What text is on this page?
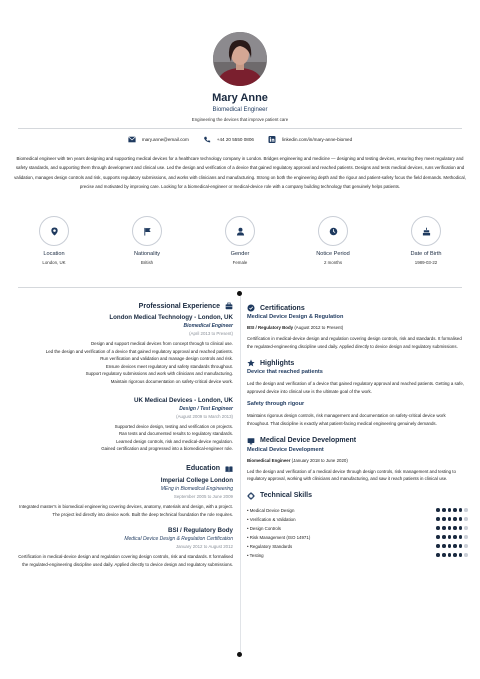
Mary Anne
Biomedical Engineer
Engineering the devices that improve patient care
mary.anne@email.com	+44 20 5550 0806	linkedin.com/in/mary-anne-biomed
Biomedical engineer with ten years designing and supporting medical devices for a healthcare technology company in London. Bridges engineering and medicine — designing and testing devices, ensuring they meet regulatory and safety standards, and supporting them through development and clinical use. Led the design and verification of a device that gained regulatory approval and reached patients. Designs and tests medical devices, runs verification and validation, manages design controls and risk, supports regulatory submissions, and works with clinicians and manufacturing. Strong on both the engineering depth and the rigour and patient-safety focus the field demands. Methodical, precise and motivated by improving care. Looking for a biomedical-engineer or medical-device role with a company building technology that genuinely helps patients.
Location
London, UK
Nationality
British
Gender
Female
Notice Period
2 months
Date of Birth
1989-03-22
Professional Experience
London Medical Technology - London, UK
Biomedical Engineer
(April 2013 to Present)
Design and support medical devices from concept through to clinical use.
Led the design and verification of a device that gained regulatory approval and reached patients.
Run verification and validation and manage design controls and risk.
Ensure devices meet regulatory and safety standards throughout.
Support regulatory submissions and work with clinicians and manufacturing.
Maintain rigorous documentation on safety-critical device work.
UK Medical Devices - London, UK
Design / Test Engineer
(August 2009 to March 2013)
Supported device design, testing and verification on projects.
Ran tests and documented results to regulatory standards.
Learned design controls, risk and medical-device regulation.
Gained certification and progressed into a biomedical-engineer role.
Education
Imperial College London
MEng in Biomedical Engineering
September 2005 to June 2009
Integrated master's in biomedical engineering covering devices, anatomy, materials and design, with a project. The project led directly into device work. Built the deep technical foundation the role requires.
BSI / Regulatory Body
Medical Device Design & Regulation Certification
January 2012 to August 2012
Certification in medical-device design and regulation covering design controls, risk and standards. It formalised the regulated-engineering discipline used daily. Applied directly to device design and regulatory submissions.
Certifications
Medical Device Design & Regulation
BSI / Regulatory Body (August 2012 to Present)
Certification in medical-device design and regulation covering design controls, risk and standards. It formalised the regulated-engineering discipline used daily. Applied directly to device design and regulatory submissions.
Highlights
Device that reached patients
Led the design and verification of a device that gained regulatory approval and reached patients. Getting a safe, approved device into clinical use is the ultimate goal of the work.
Safety through rigour
Maintains rigorous design controls, risk management and documentation on safety-critical device work throughout. That discipline is exactly what patient-facing medical engineering genuinely demands.
Medical Device Development
Medical Device Development
Biomedical Engineer (January 2018 to June 2020)
Led the design and verification of a medical device through design controls, risk management and testing to regulatory approval, working with clinicians and manufacturing, and saw it reach patients in clinical use.
Technical Skills
• Medical Device Design
• Verification & Validation
• Design Controls
• Risk Management (ISO 14971)
• Regulatory Standards
• Testing
